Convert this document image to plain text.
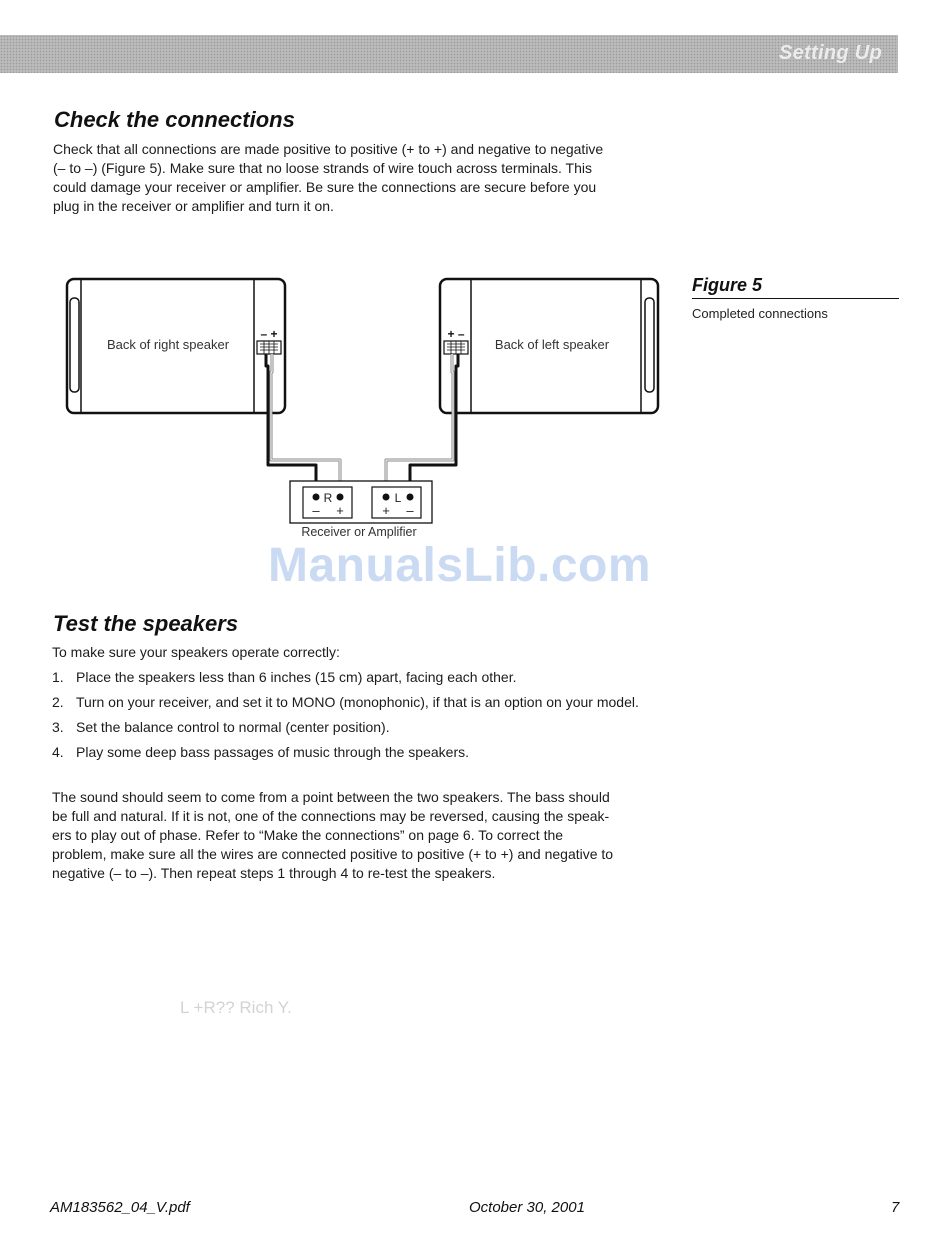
Setting Up
Check the connections
Check that all connections are made positive to positive (+ to +) and negative to negative
(– to –) (Figure 5). Make sure that no loose strands of wire touch across terminals. This
could damage your receiver or amplifier. Be sure the connections are secure before you
plug in the receiver or amplifier and turn it on.
Back of right speaker
– +
Back of left speaker
+ –
R	L
– +	+ –
Receiver or Amplifier
Figure 5
Completed connections
ManualsLib.com
Test the speakers
To make sure your speakers operate correctly:
1. Place the speakers less than 6 inches (15 cm) apart, facing each other.
2. Turn on your receiver, and set it to MONO (monophonic), if that is an option on your model.
3. Set the balance control to normal (center position).
4. Play some deep bass passages of music through the speakers.
The sound should seem to come from a point between the two speakers. The bass should
be full and natural. If it is not, one of the connections may be reversed, causing the speak-
ers to play out of phase. Refer to “Make the connections” on page 6. To correct the
problem, make sure all the wires are connected positive to positive (+ to +) and negative to
negative (– to –). Then repeat steps 1 through 4 to re-test the speakers.
L +R?? Rich Y.
AM183562_04_V.pdf	October 30, 2001	7
